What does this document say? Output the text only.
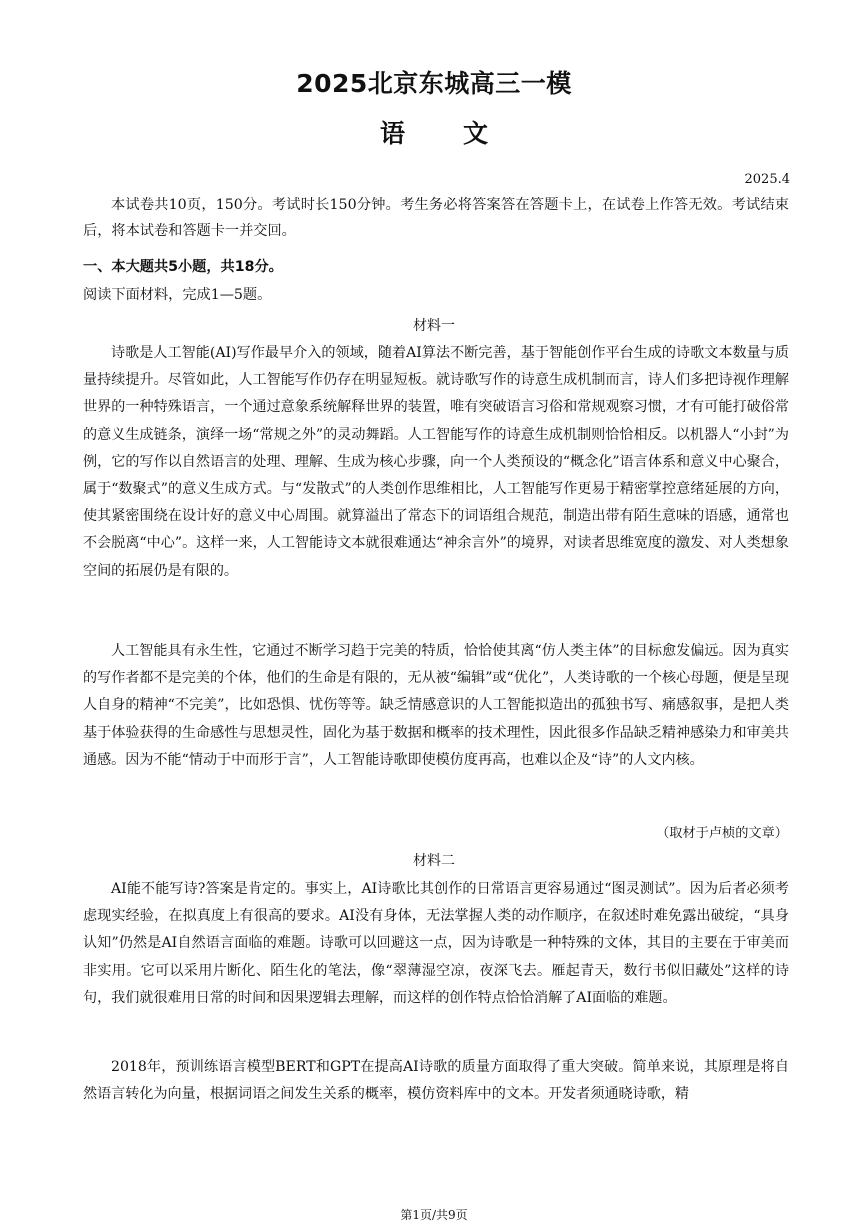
2025北京东城高三一模
语 文
2025.4
本试卷共10页，150分。考试时长150分钟。考生务必将答案答在答题卡上，在试卷上作答无效。考试结束后，将本试卷和答题卡一并交回。
一、本大题共5小题，共18分。
阅读下面材料，完成1—5题。
材料一
诗歌是人工智能(AI)写作最早介入的领域，随着AI算法不断完善，基于智能创作平台生成的诗歌文本数量与质量持续提升。尽管如此，人工智能写作仍存在明显短板。就诗歌写作的诗意生成机制而言，诗人们多把诗视作理解世界的一种特殊语言，一个通过意象系统解释世界的装置，唯有突破语言习俗和常规观察习惯，才有可能打破俗常的意义生成链条，演绎一场“常规之外”的灵动舞蹈。人工智能写作的诗意生成机制则恰恰相反。以机器人“小封”为例，它的写作以自然语言的处理、理解、生成为核心步骤，向一个人类预设的“概念化”语言体系和意义中心聚合，属于“数聚式”的意义生成方式。与“发散式”的人类创作思维相比，人工智能写作更易于精密掌控意绪延展的方向，使其紧密围绕在设计好的意义中心周围。就算溢出了常态下的词语组合规范，制造出带有陌生意味的语感，通常也不会脱离“中心”。这样一来，人工智能诗文本就很难通达“神余言外”的境界，对读者思维宽度的激发、对人类想象空间的拓展仍是有限的。
人工智能具有永生性，它通过不断学习趋于完美的特质，恰恰使其离“仿人类主体”的目标愈发偏远。因为真实的写作者都不是完美的个体，他们的生命是有限的，无从被“编辑”或“优化”，人类诗歌的一个核心母题，便是呈现人自身的精神“不完美”，比如恐惧、忧伤等等。缺乏情感意识的人工智能拟造出的孤独书写、痛感叙事，是把人类基于体验获得的生命感性与思想灵性，固化为基于数据和概率的技术理性，因此很多作品缺乏精神感染力和审美共通感。因为不能“情动于中而形于言”，人工智能诗歌即使模仿度再高，也难以企及“诗”的人文内核。
（取材于卢桢的文章）
材料二
AI能不能写诗?答案是肯定的。事实上，AI诗歌比其创作的日常语言更容易通过“图灵测试”。因为后者必须考虑现实经验，在拟真度上有很高的要求。AI没有身体，无法掌握人类的动作顺序，在叙述时难免露出破绽，“具身认知”仍然是AI自然语言面临的难题。诗歌可以回避这一点，因为诗歌是一种特殊的文体，其目的主要在于审美而非实用。它可以采用片断化、陌生化的笔法，像“翠薄湿空凉，夜深飞去。雁起青天，数行书似旧藏处”这样的诗句，我们就很难用日常的时间和因果逻辑去理解，而这样的创作特点恰恰消解了AI面临的难题。
2018年，预训练语言模型BERT和GPT在提高AI诗歌的质量方面取得了重大突破。简单来说，其原理是将自然语言转化为向量，根据词语之间发生关系的概率，模仿资料库中的文本。开发者须通晓诗歌，精
第1页/共9页
